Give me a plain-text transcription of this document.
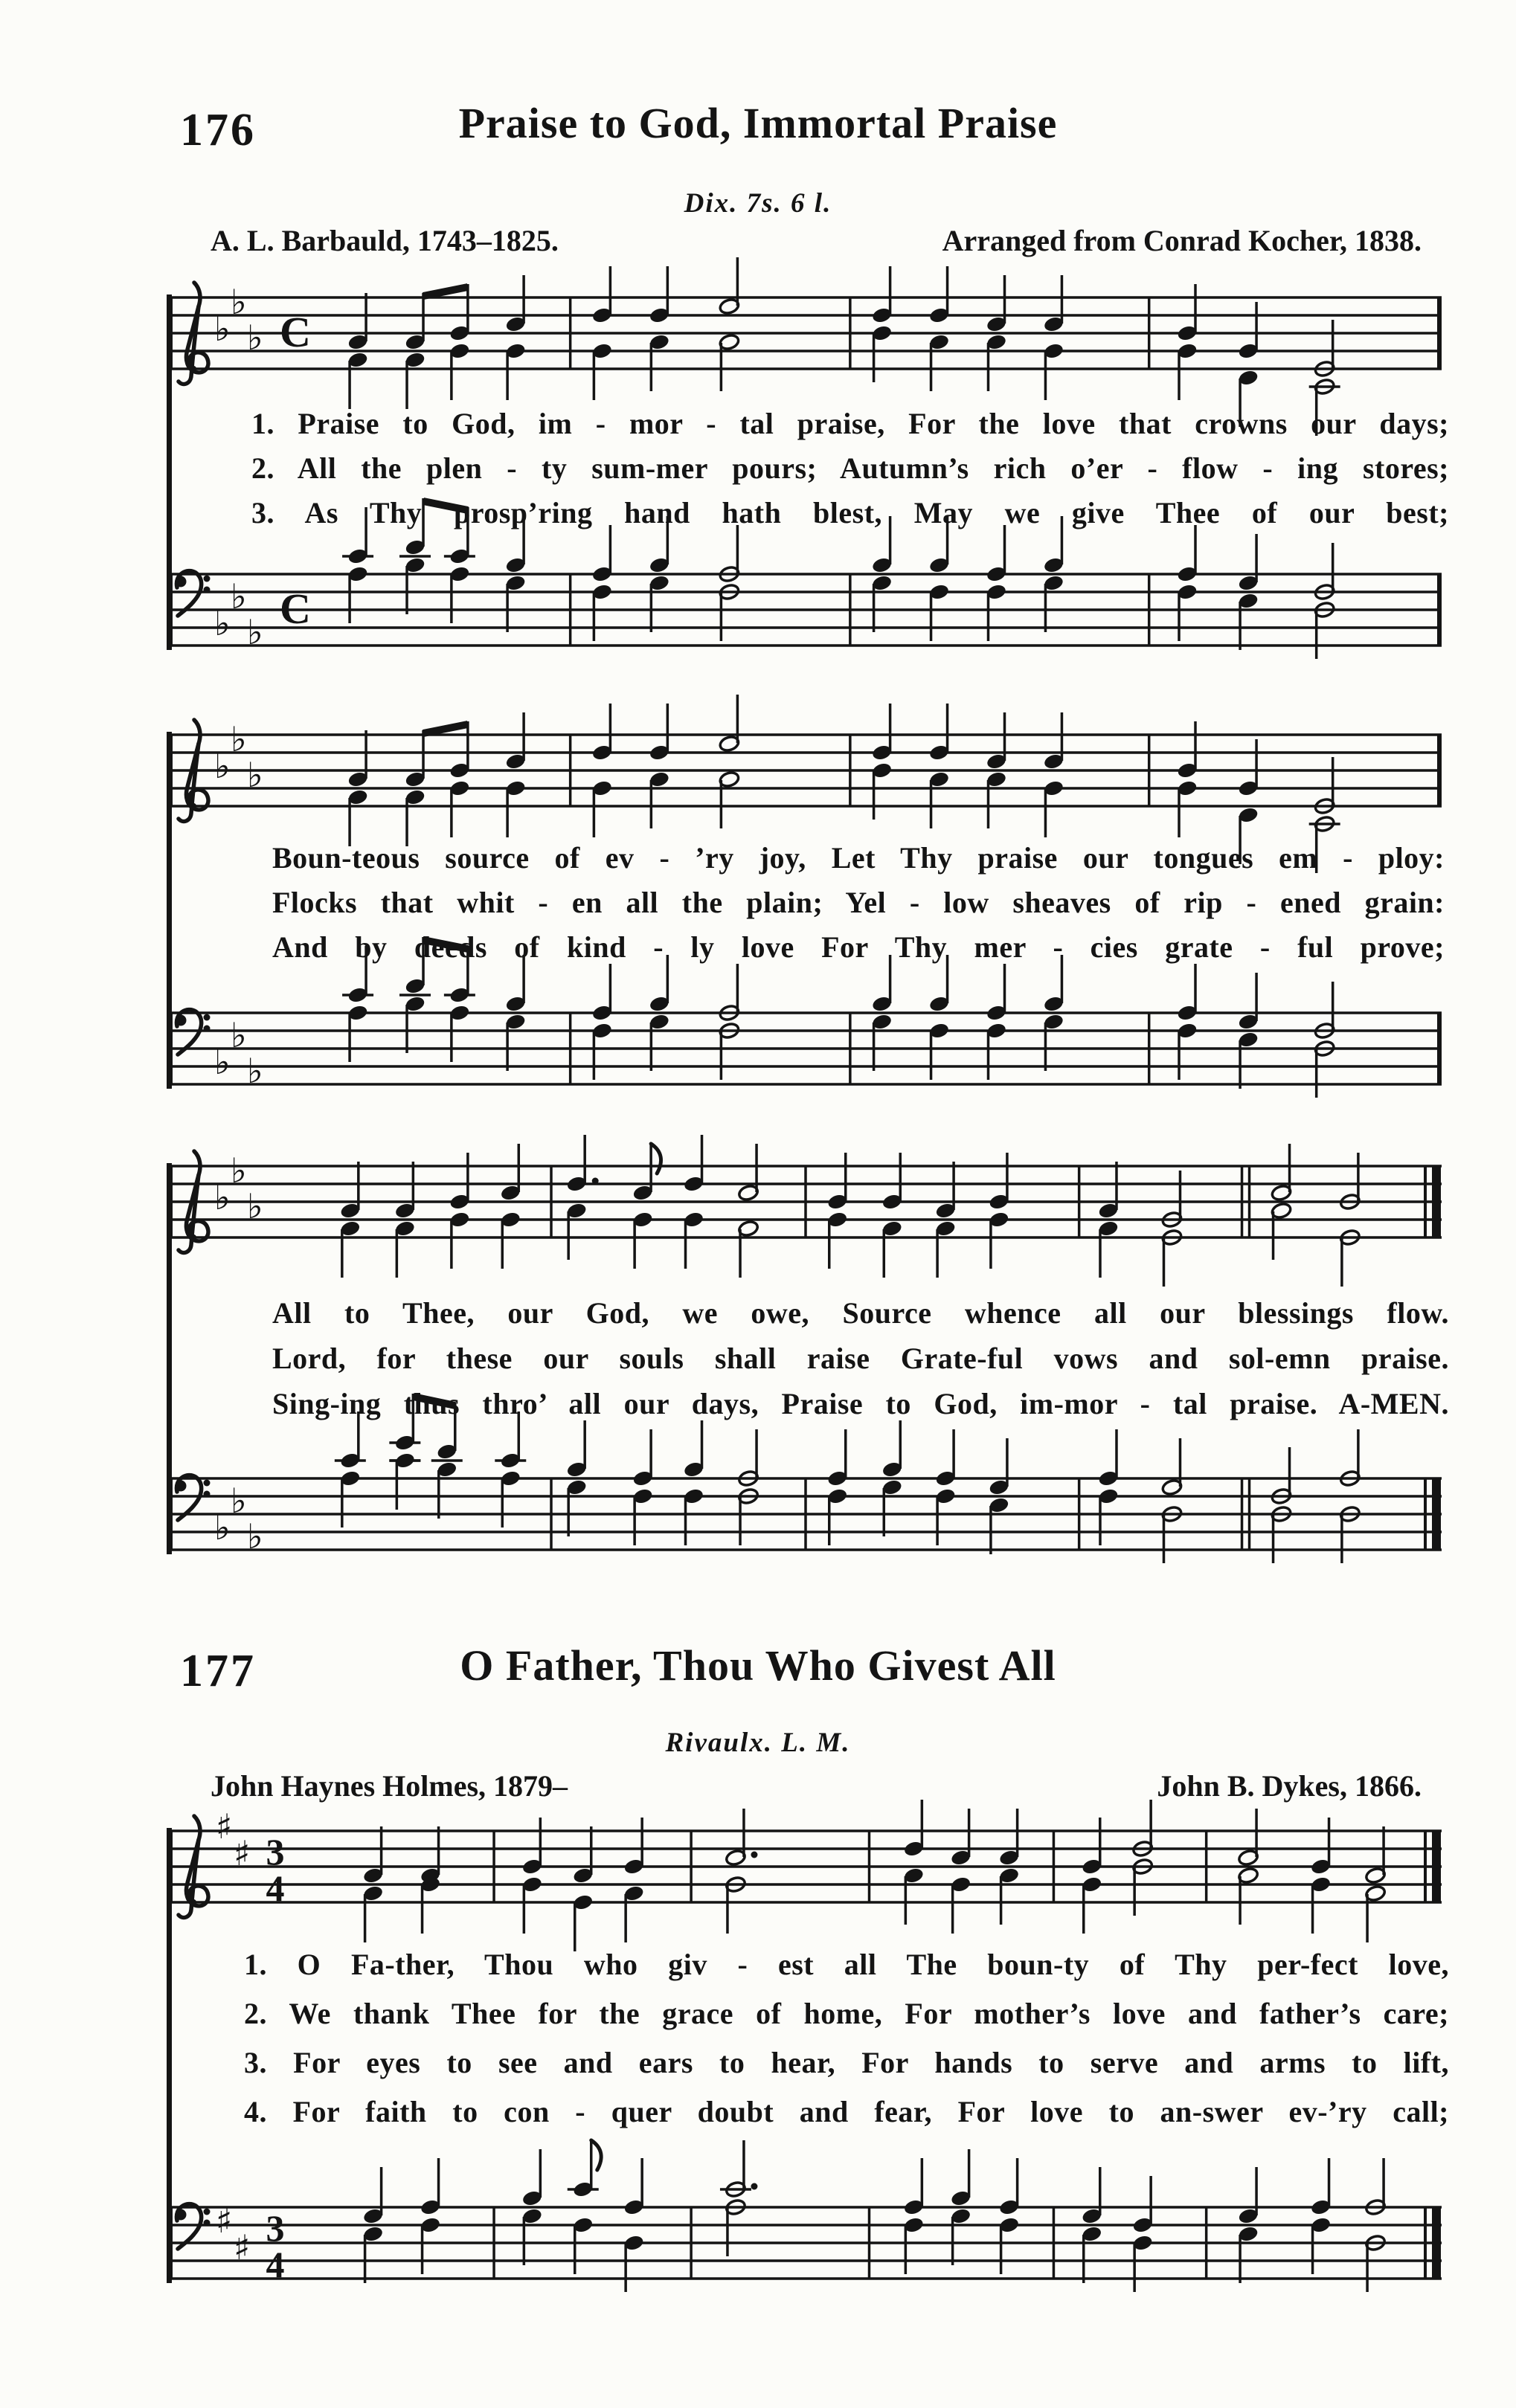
176	Praise to God, Immortal Praise
Dix. 7s. 6 l.
A. L. Barbauld, 1743–1825.	Arranged from Conrad Kocher, 1838.
♭
♭
♭ C
♭
♭
♭ C
♭
♭
♭
♭
♭
♭
♭
♭
♭
♭
♭
♭
1. Praise to God, im - mor - tal praise, For the love that crowns our days;
2. All the plen - ty sum-mer pours; Autumn’s rich o’er - flow - ing stores;
3. As Thy prosp’ring hand hath blest, May we give Thee of our best;
Boun-teous source of ev - ’ry joy, Let Thy praise our tongues em - ploy:
Flocks that whit - en all the plain; Yel - low sheaves of rip - ened grain:
And by deeds of kind - ly love For Thy mer - cies grate - ful prove;
All to Thee, our God, we owe, Source whence all our blessings flow.
Lord, for these our souls shall raise Grate-ful vows and sol-emn praise.
Sing-ing thus thro’ all our days, Praise to God, im-mor - tal praise. A-MEN.
177	O Father, Thou Who Givest All
Rivaulx. L. M.
John Haynes Holmes, 1879–	John B. Dykes, 1866.
♯
♯ 3
4
♯
♯ 3
4
1. O Fa-ther, Thou who giv - est all The boun-ty of Thy per-fect love,
2. We thank Thee for the grace of home, For mother’s love and father’s care;
3. For eyes to see and ears to hear, For hands to serve and arms to lift,
4. For faith to con - quer doubt and fear, For love to an-swer ev-’ry call;
